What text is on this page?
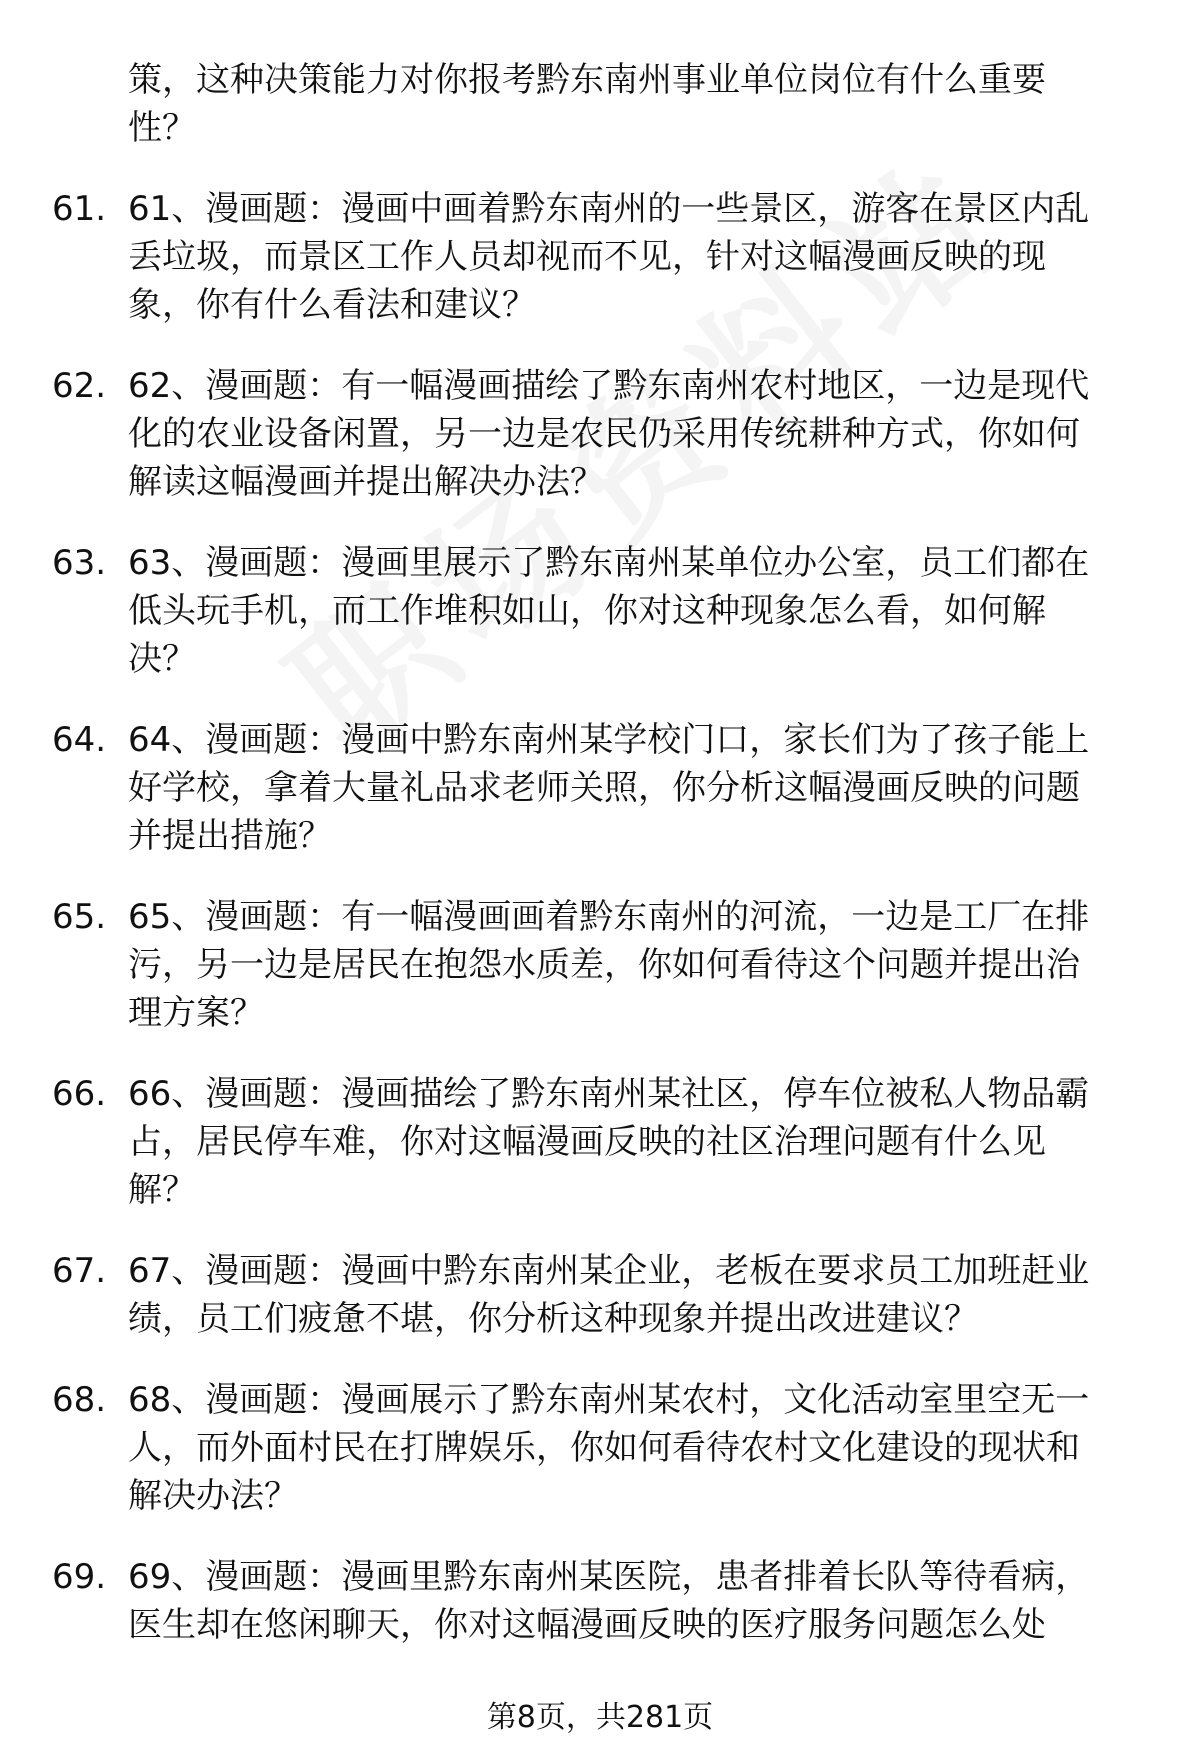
策，这种决策能力对你报考黔东南州事业单位岗位有什么重要
性？
61. 61、漫画题：漫画中画着黔东南州的一些景区，游客在景区内乱
丢垃圾，而景区工作人员却视而不见，针对这幅漫画反映的现
象，你有什么看法和建议？
62. 62、漫画题：有一幅漫画描绘了黔东南州农村地区，一边是现代
化的农业设备闲置，另一边是农民仍采用传统耕种方式，你如何
解读这幅漫画并提出解决办法？
63. 63、漫画题：漫画里展示了黔东南州某单位办公室，员工们都在
低头玩手机，而工作堆积如山，你对这种现象怎么看，如何解
决？
64. 64、漫画题：漫画中黔东南州某学校门口，家长们为了孩子能上
好学校，拿着大量礼品求老师关照，你分析这幅漫画反映的问题
并提出措施？
65. 65、漫画题：有一幅漫画画着黔东南州的河流，一边是工厂在排
污，另一边是居民在抱怨水质差，你如何看待这个问题并提出治
理方案？
66. 66、漫画题：漫画描绘了黔东南州某社区，停车位被私人物品霸
占，居民停车难，你对这幅漫画反映的社区治理问题有什么见
解？
67. 67、漫画题：漫画中黔东南州某企业，老板在要求员工加班赶业
绩，员工们疲惫不堪，你分析这种现象并提出改进建议？
68. 68、漫画题：漫画展示了黔东南州某农村，文化活动室里空无一
人，而外面村民在打牌娱乐，你如何看待农村文化建设的现状和
解决办法？
69. 69、漫画题：漫画里黔东南州某医院，患者排着长队等待看病，
医生却在悠闲聊天，你对这幅漫画反映的医疗服务问题怎么处
第8页，共281页
